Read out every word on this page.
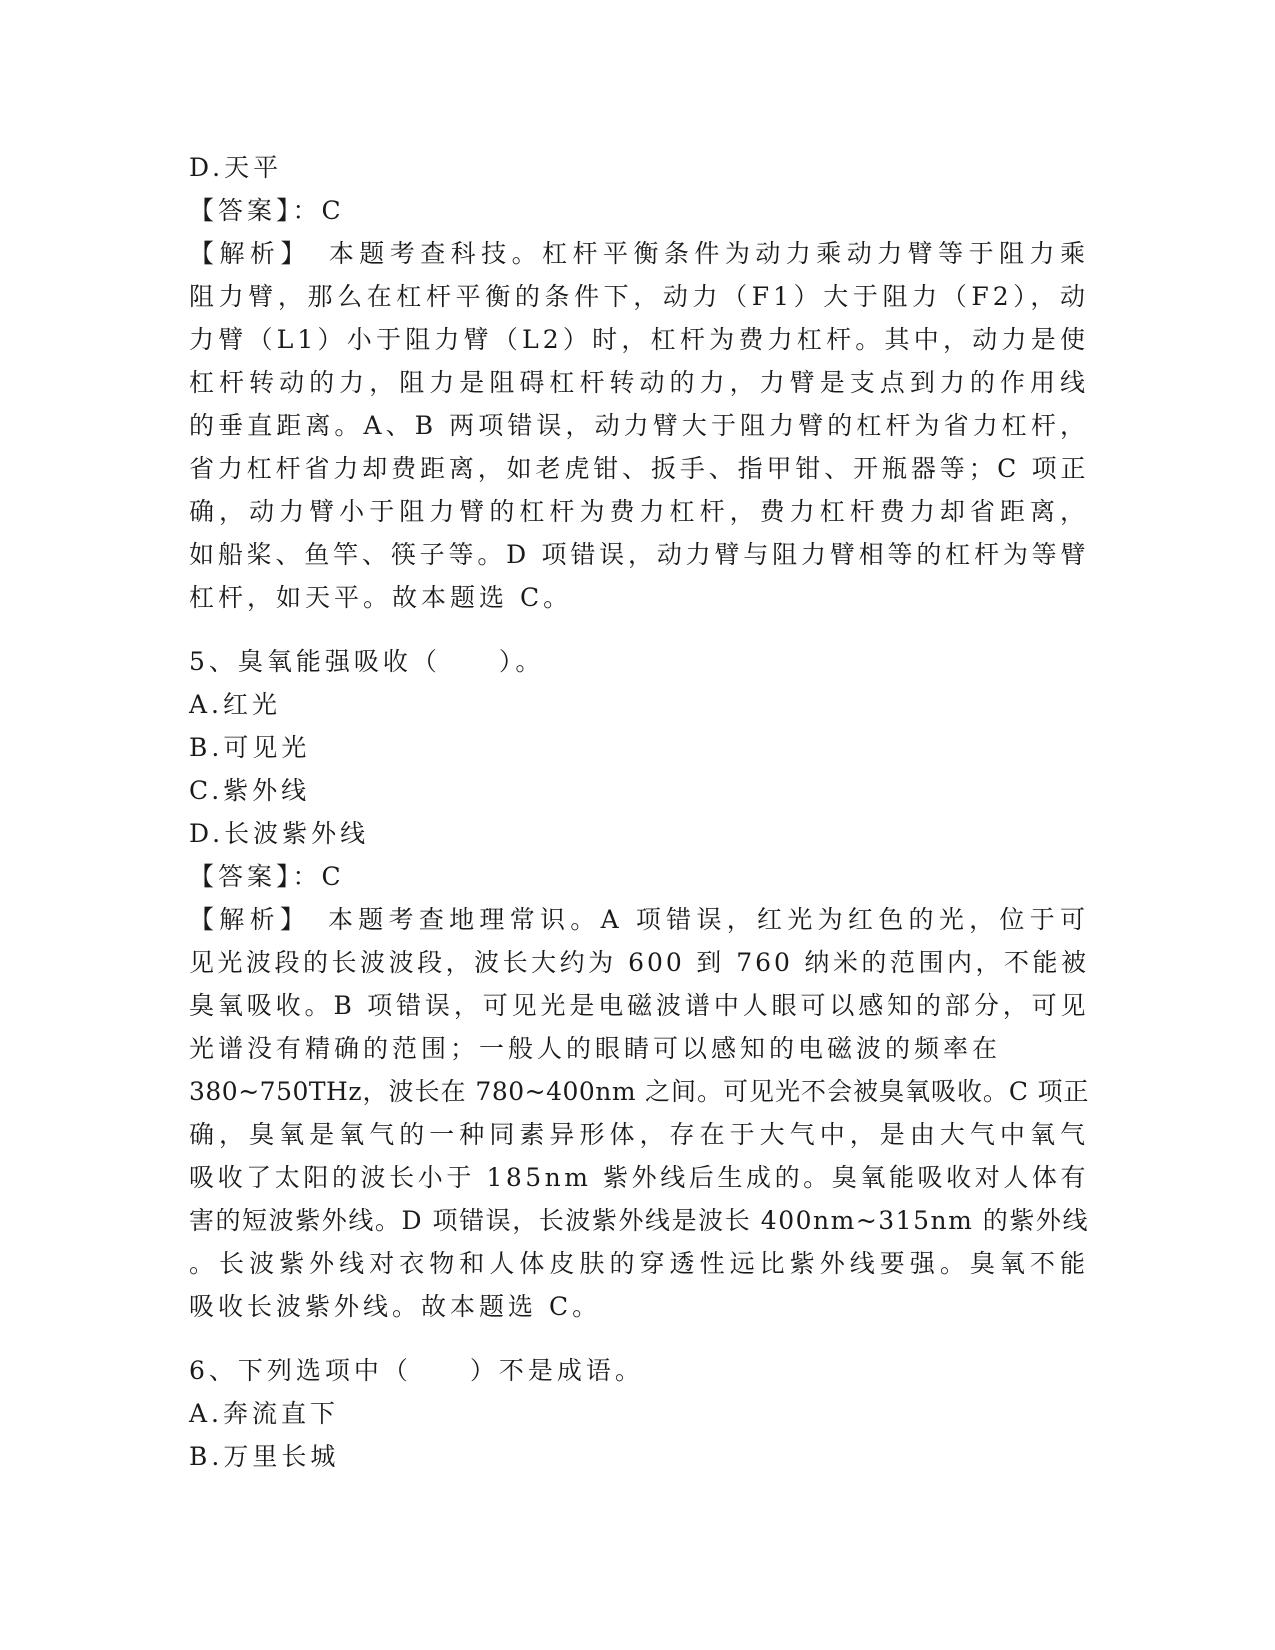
D.天平
【答案】：C
【解析】　本题考查科技。杠杆平衡条件为动力乘动力臂等于阻力乘
阻力臂，那么在杠杆平衡的条件下，动力（F1）大于阻力（F2），动
力臂（L1）小于阻力臂（L2）时，杠杆为费力杠杆。其中，动力是使
杠杆转动的力，阻力是阻碍杠杆转动的力，力臂是支点到力的作用线
的垂直距离。A、B 两项错误，动力臂大于阻力臂的杠杆为省力杠杆，
省力杠杆省力却费距离，如老虎钳、扳手、指甲钳、开瓶器等；C 项正
确，动力臂小于阻力臂的杠杆为费力杠杆，费力杠杆费力却省距离，
如船桨、鱼竿、筷子等。D 项错误，动力臂与阻力臂相等的杠杆为等臂
杠杆，如天平。故本题选 C。
5、臭氧能强吸收（　　）。
A.红光
B.可见光
C.紫外线
D.长波紫外线
【答案】：C
【解析】　本题考查地理常识。A 项错误，红光为红色的光，位于可
见光波段的长波波段，波长大约为 600 到 760 纳米的范围内，不能被
臭氧吸收。B 项错误，可见光是电磁波谱中人眼可以感知的部分，可见
光谱没有精确的范围；一般人的眼睛可以感知的电磁波的频率在
380~750THz，波长在 780~400nm 之间。可见光不会被臭氧吸收。C 项正
确，臭氧是氧气的一种同素异形体，存在于大气中，是由大气中氧气
吸收了太阳的波长小于 185nm 紫外线后生成的。臭氧能吸收对人体有
害的短波紫外线。D 项错误，长波紫外线是波长 400nm~315nm 的紫外线
。长波紫外线对衣物和人体皮肤的穿透性远比紫外线要强。臭氧不能
吸收长波紫外线。故本题选 C。
6、下列选项中（　　）不是成语。
A.奔流直下
B.万里长城
